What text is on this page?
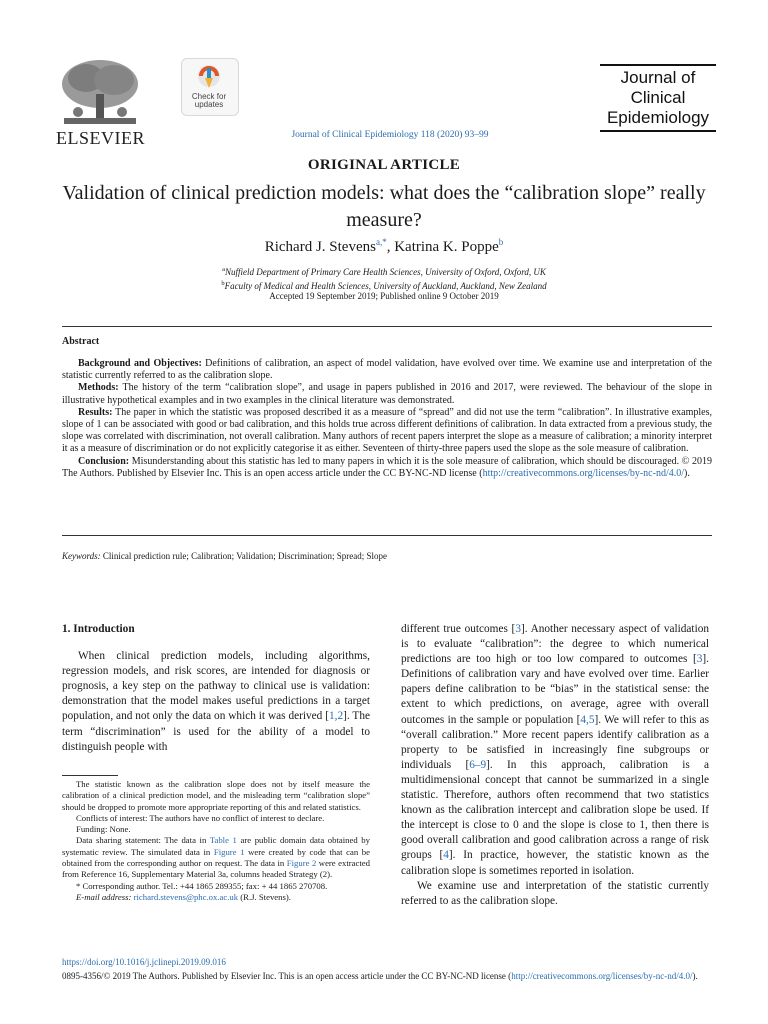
ELSEVIER
Check for
updates
Journal of Clinical Epidemiology 118 (2020) 93–99
Journal of
Clinical
Epidemiology
ORIGINAL ARTICLE
Validation of clinical prediction models: what does the “calibration slope” really measure?
Richard J. Stevens$^{a,*}$, Katrina K. Poppe$^b$
$^a$Nuffield Department of Primary Care Health Sciences, University of Oxford, Oxford, UK
$^b$Faculty of Medical and Health Sciences, University of Auckland, Auckland, New Zealand
Accepted 19 September 2019; Published online 9 October 2019
Abstract

Background and Objectives: Definitions of calibration, an aspect of model validation, have evolved over time. We examine use and interpretation of the statistic currently referred to as the calibration slope.

Methods: The history of the term “calibration slope”, and usage in papers published in 2016 and 2017, were reviewed. The behaviour of the slope in illustrative hypothetical examples and in two examples in the clinical literature was demonstrated.

Results: The paper in which the statistic was proposed described it as a measure of “spread” and did not use the term “calibration”. In illustrative examples, slope of 1 can be associated with good or bad calibration, and this holds true across different definitions of calibration. In data extracted from a previous study, the slope was correlated with discrimination, not overall calibration. Many authors of recent papers interpret the slope as a measure of calibration; a minority interpret it as a measure of discrimination or do not explicitly categorise it as either. Seventeen of thirty-three papers used the slope as the sole measure of calibration.

Conclusion: Misunderstanding about this statistic has led to many papers in which it is the sole measure of calibration, which should be discouraged. © 2019 The Authors. Published by Elsevier Inc. This is an open access article under the CC BY-NC-ND license (http://creativecommons.org/licenses/by-nc-nd/4.0/).

Keywords: Clinical prediction rule; Calibration; Validation; Discrimination; Spread; Slope

1. Introduction

When clinical prediction models, including algorithms, regression models, and risk scores, are intended for diagnosis or prognosis, a key step on the pathway to clinical use is validation: demonstration that the model makes useful predictions in a target population, and not only the data on which it was derived [1,2]. The term “discrimination” is used for the ability of a model to distinguish people with

The statistic known as the calibration slope does not by itself measure the calibration of a clinical prediction model, and the misleading term “calibration slope” should be dropped to promote more appropriate reporting of this and related statistics.

Conflicts of interest: The authors have no conflict of interest to declare.

Funding: None.

Data sharing statement: The data in Table 1 are public domain data obtained by systematic review. The simulated data in Figure 1 were created by code that can be obtained from the corresponding author on request. The data in Figure 2 were extracted from Reference 16, Supplementary Material 3a, columns headed Strategy (2).

* Corresponding author. Tel.: +44 1865 289355; fax: + 44 1865 270708.

E-mail address: richard.stevens@phc.ox.ac.uk (R.J. Stevens).

different true outcomes [3]. Another necessary aspect of validation is to evaluate “calibration”: the degree to which numerical predictions are too high or too low compared to outcomes [3]. Definitions of calibration vary and have evolved over time. Earlier papers define calibration to be “bias” in the statistical sense: the extent to which predictions, on average, agree with overall outcomes in the sample or population [4,5]. We will refer to this as “overall calibration.” More recent papers identify calibration as a property to be satisfied in increasingly fine subgroups or individuals [6–9]. In this approach, calibration is a multidimensional concept that cannot be summarized in a single statistic. Therefore, authors often recommend that two statistics known as the calibration intercept and calibration slope be used. If the intercept is close to 0 and the slope is close to 1, then there is good overall calibration and good calibration across a range of risk groups [4]. In practice, however, the statistic known as the calibration slope is sometimes reported in isolation.

We examine use and interpretation of the statistic currently referred to as the calibration slope.

https://doi.org/10.1016/j.jclinepi.2019.09.016
0895-4356/© 2019 The Authors. Published by Elsevier Inc. This is an open access article under the CC BY-NC-ND license (http://creativecommons.org/licenses/by-nc-nd/4.0/).
